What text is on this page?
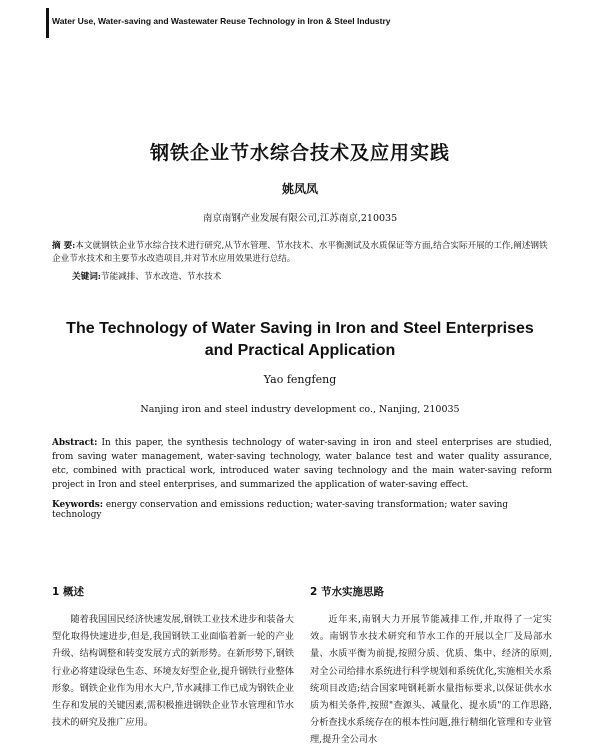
Water Use, Water-saving and Wastewater Reuse Technology in Iron & Steel Industry
钢铁企业节水综合技术及应用实践
姚凤凤
南京南钢产业发展有限公司,江苏南京,210035
摘 要:本文就钢铁企业节水综合技术进行研究,从节水管理、节水技术、水平衡测试及水质保证等方面,结合实际开展的工作,阐述钢铁企业节水技术和主要节水改造项目,并对节水应用效果进行总结。
关键词:节能减排、节水改造、节水技术
The Technology of Water Saving in Iron and Steel Enterprises
and Practical Application
Yao fengfeng
Nanjing iron and steel industry development co., Nanjing, 210035
Abstract: In this paper, the synthesis technology of water-saving in iron and steel enterprises are studied, from saving water management, water-saving technology, water balance test and water quality assurance, etc, combined with practical work, introduced water saving technology and the main water-saving reform project in Iron and steel enterprises, and summarized the application of water-saving effect.
Keywords: energy conservation and emissions reduction; water-saving transformation; water saving technology
1 概述	2 节水实施思路
随着我国国民经济快速发展,钢铁工业技术进步和装备大型化取得快速进步,但是,我国钢铁工业面临着新一轮的产业升级、结构调整和转变发展方式的新形势。在新形势下,钢铁行业必将建设绿色生态、环境友好型企业,提升钢铁行业整体形象。钢铁企业作为用水大户,节水减排工作已成为钢铁企业生存和发展的关键因素,需积极推进钢铁企业节水管理和节水技术的研究及推广应用。
近年来,南钢大力开展节能减排工作,并取得了一定实效。南钢节水技术研究和节水工作的开展以全厂及局部水量、水质平衡为前提,按照分质、优质、集中、经济的原则,对全公司给排水系统进行科学规划和系统优化,实施相关水系统项目改造;结合国家吨钢耗新水量指标要求,以保证供水水质为相关条件,按照"查源头、减量化、提水质"的工作思路,分析查找水系统存在的根本性问题,推行精细化管理和专业管理,提升全公司水
